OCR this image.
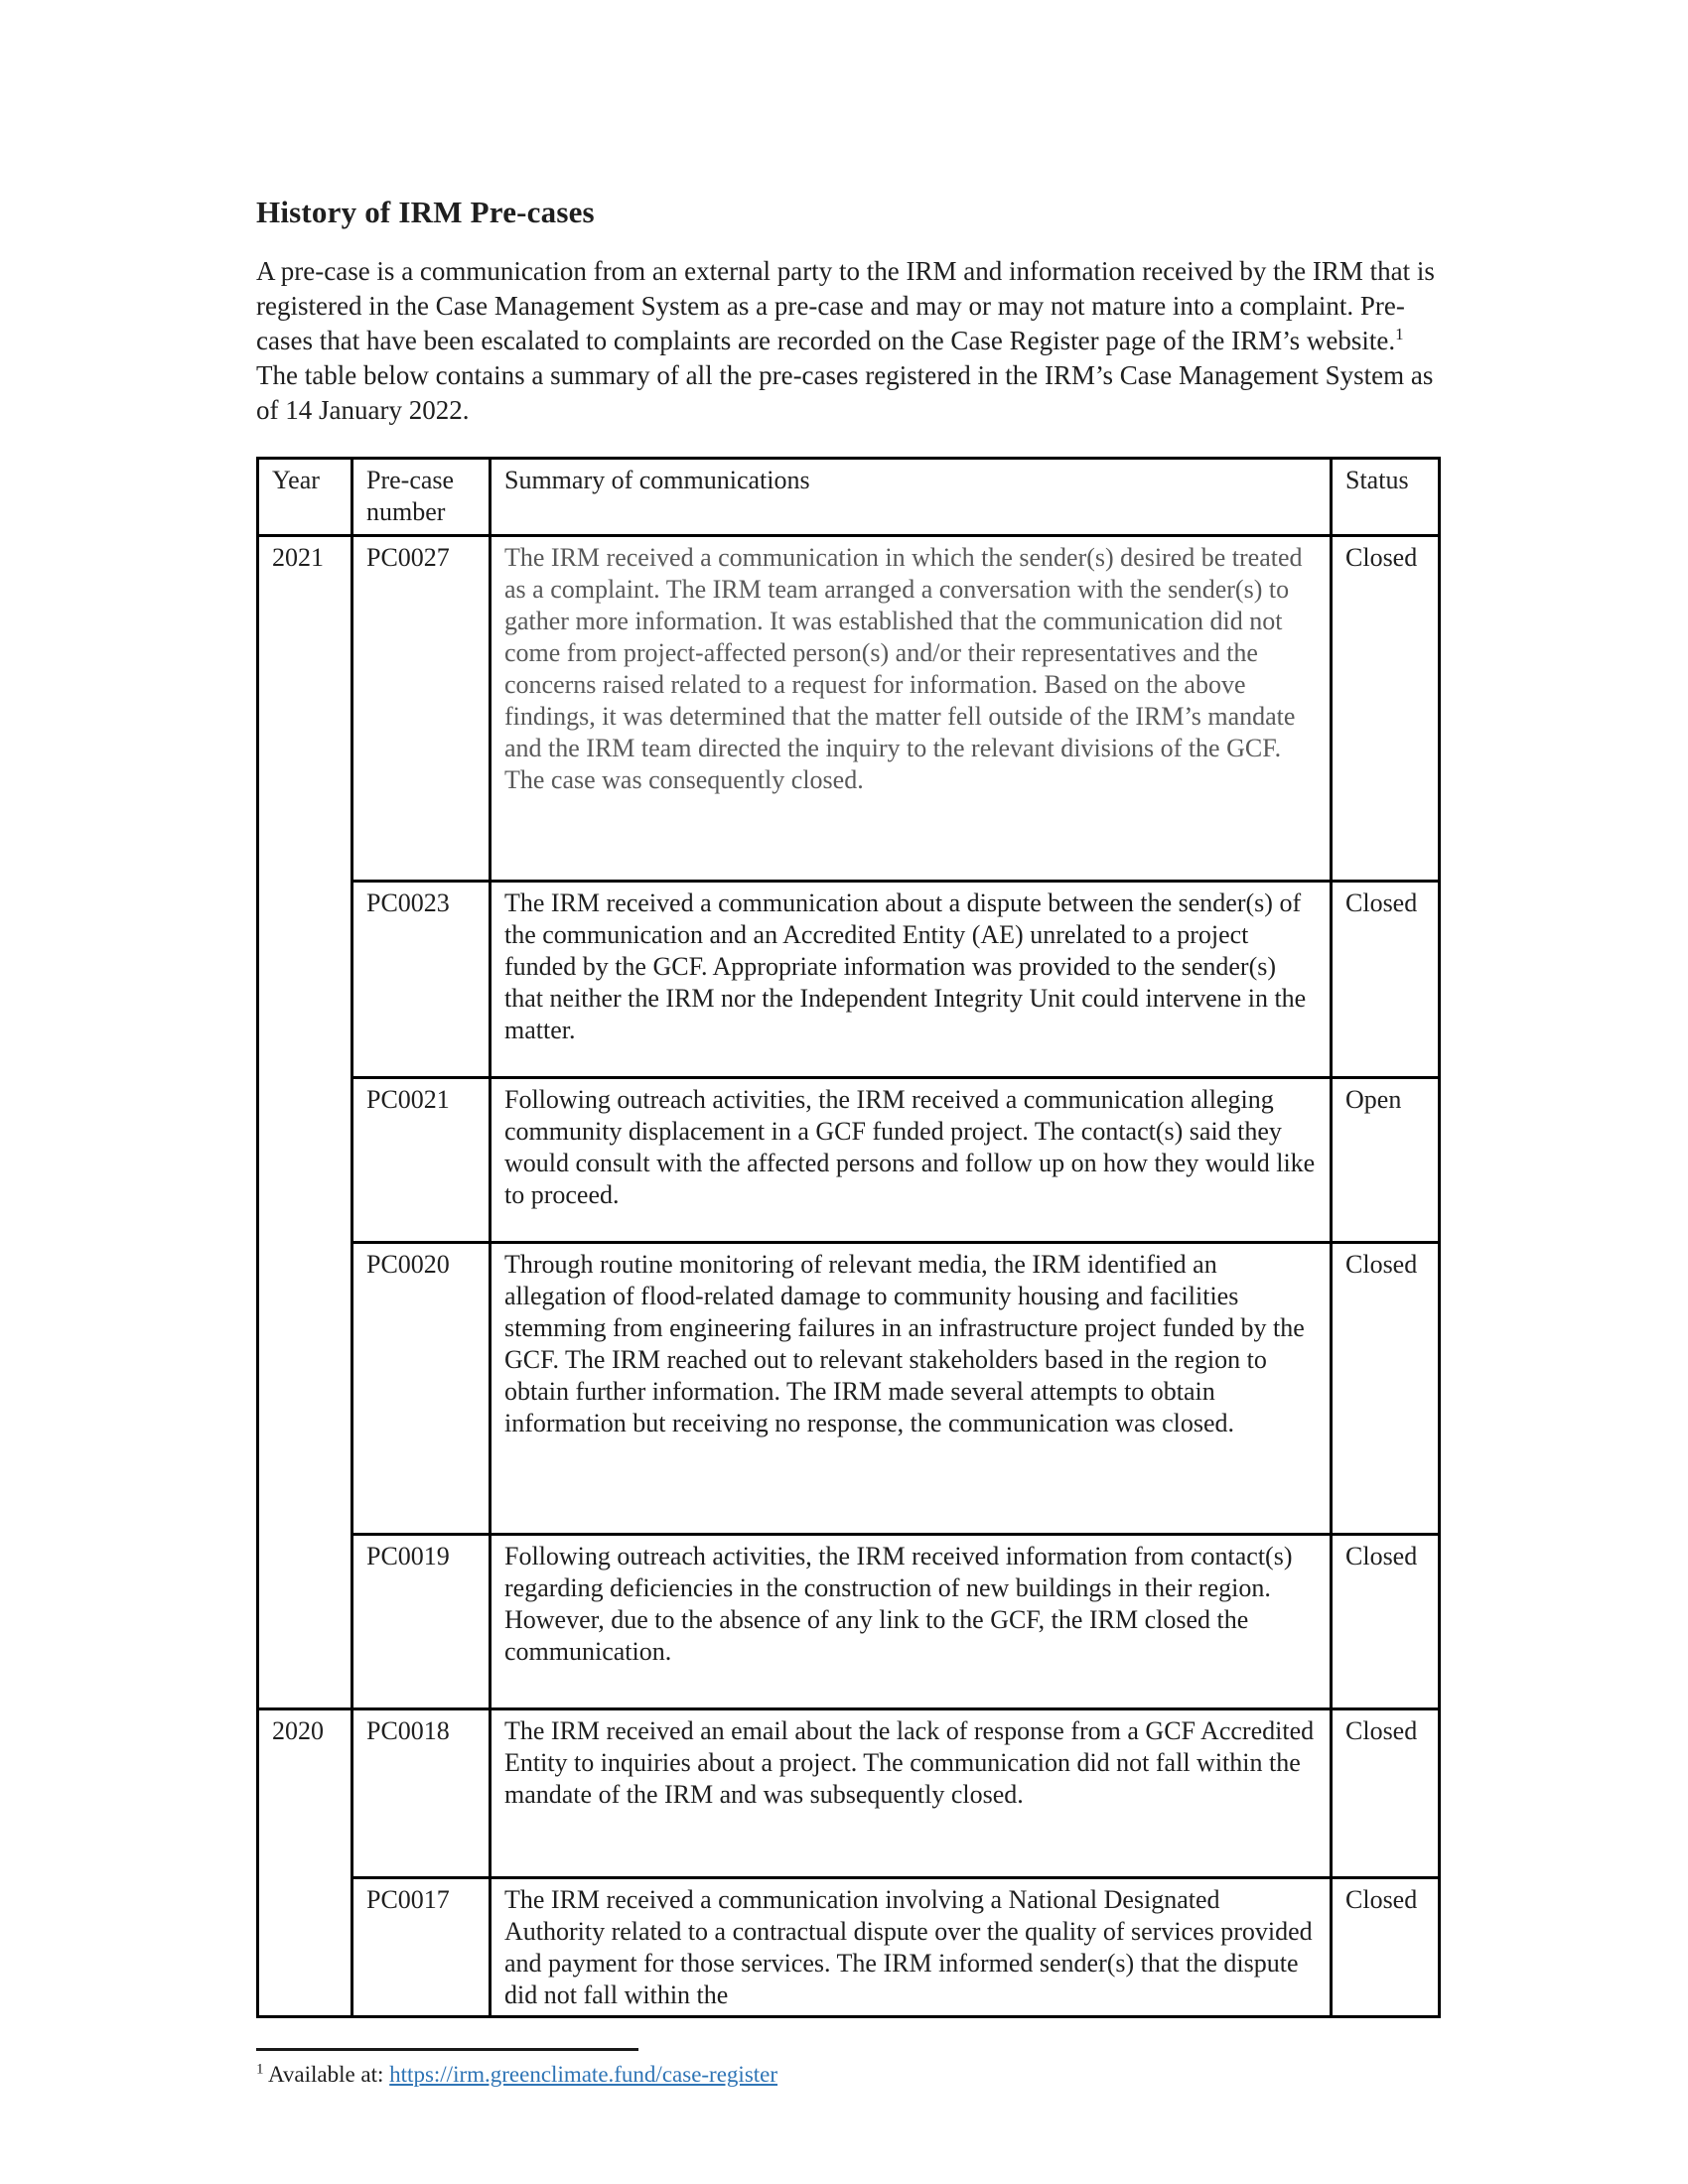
History of IRM Pre-cases

A pre-case is a communication from an external party to the IRM and information received by the IRM that is registered in the Case Management System as a pre-case and may or may not mature into a complaint. Pre-cases that have been escalated to complaints are recorded on the Case Register page of the IRM’s website.$^1$ The table below contains a summary of all the pre-cases registered in the IRM’s Case Management System as of 14 January 2022.

Year	Pre-case number	Summary of communications	Status
2021	PC0027	The IRM received a communication in which the sender(s) desired be treated as a complaint. The IRM team arranged a conversation with the sender(s) to gather more information. It was established that the communication did not come from project-affected person(s) and/or their representatives and the concerns raised related to a request for information. Based on the above findings, it was determined that the matter fell outside of the IRM’s mandate and the IRM team directed the inquiry to the relevant divisions of the GCF. The case was consequently closed.	Closed
	PC0023	The IRM received a communication about a dispute between the sender(s) of the communication and an Accredited Entity (AE) unrelated to a project funded by the GCF. Appropriate information was provided to the sender(s) that neither the IRM nor the Independent Integrity Unit could intervene in the matter.	Closed
	PC0021	Following outreach activities, the IRM received a communication alleging community displacement in a GCF funded project. The contact(s) said they would consult with the affected persons and follow up on how they would like to proceed.	Open
	PC0020	Through routine monitoring of relevant media, the IRM identified an allegation of flood-related damage to community housing and facilities stemming from engineering failures in an infrastructure project funded by the GCF. The IRM reached out to relevant stakeholders based in the region to obtain further information. The IRM made several attempts to obtain information but receiving no response, the communication was closed.	Closed
	PC0019	Following outreach activities, the IRM received information from contact(s) regarding deficiencies in the construction of new buildings in their region. However, due to the absence of any link to the GCF, the IRM closed the communication.	Closed
2020	PC0018	The IRM received an email about the lack of response from a GCF Accredited Entity to inquiries about a project. The communication did not fall within the mandate of the IRM and was subsequently closed.	Closed
	PC0017	The IRM received a communication involving a National Designated Authority related to a contractual dispute over the quality of services provided and payment for those services. The IRM informed sender(s) that the dispute did not fall within the	Closed

$^1$ Available at: https://irm.greenclimate.fund/case-register
